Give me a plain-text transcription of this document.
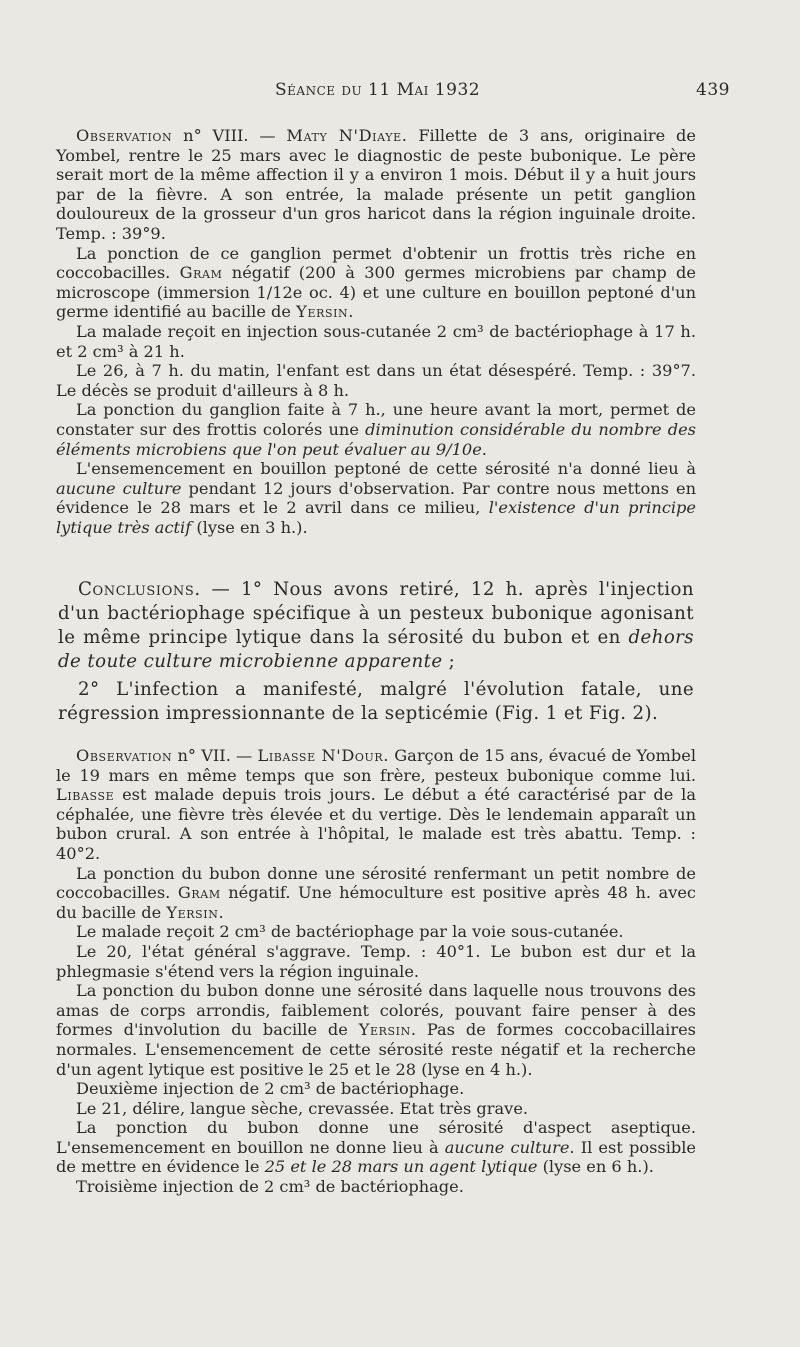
Séance du 11 Mai 1932	439

Observation n° VIII. — Maty N'Diaye. Fillette de 3 ans, originaire de Yombel, rentre le 25 mars avec le diagnostic de peste bubonique. Le père serait mort de la même affection il y a environ 1 mois. Début il y a huit jours par de la fièvre. A son entrée, la malade présente un petit ganglion douloureux de la grosseur d'un gros haricot dans la région inguinale droite. Temp. : 39°9.

La ponction de ce ganglion permet d'obtenir un frottis très riche en coccobacilles. Gram négatif (200 à 300 germes microbiens par champ de microscope (immersion 1/12e oc. 4) et une culture en bouillon peptoné d'un germe identifié au bacille de Yersin.

La malade reçoit en injection sous-cutanée 2 cm³ de bactériophage à 17 h. et 2 cm³ à 21 h.

Le 26, à 7 h. du matin, l'enfant est dans un état désespéré. Temp. : 39°7. Le décès se produit d'ailleurs à 8 h.

La ponction du ganglion faite à 7 h., une heure avant la mort, permet de constater sur des frottis colorés une diminution considérable du nombre des éléments microbiens que l'on peut évaluer au 9/10e.

L'ensemencement en bouillon peptoné de cette sérosité n'a donné lieu à aucune culture pendant 12 jours d'observation. Par contre nous mettons en évidence le 28 mars et le 2 avril dans ce milieu, l'existence d'un principe lytique très actif (lyse en 3 h.).

Conclusions. — 1° Nous avons retiré, 12 h. après l'injection d'un bactériophage spécifique à un pesteux bubonique agonisant le même principe lytique dans la sérosité du bubon et en dehors de toute culture microbienne apparente ;

2° L'infection a manifesté, malgré l'évolution fatale, une régression impressionnante de la septicémie (Fig. 1 et Fig. 2).

Observation n° VII. — Libasse N'Dour. Garçon de 15 ans, évacué de Yombel le 19 mars en même temps que son frère, pesteux bubonique comme lui. Libasse est malade depuis trois jours. Le début a été caractérisé par de la céphalée, une fièvre très élevée et du vertige. Dès le lendemain apparaît un bubon crural. A son entrée à l'hôpital, le malade est très abattu. Temp. : 40°2.

La ponction du bubon donne une sérosité renfermant un petit nombre de coccobacilles. Gram négatif. Une hémoculture est positive après 48 h. avec du bacille de Yersin.

Le malade reçoit 2 cm³ de bactériophage par la voie sous-cutanée.

Le 20, l'état général s'aggrave. Temp. : 40°1. Le bubon est dur et la phlegmasie s'étend vers la région inguinale.

La ponction du bubon donne une sérosité dans laquelle nous trouvons des amas de corps arrondis, faiblement colorés, pouvant faire penser à des formes d'involution du bacille de Yersin. Pas de formes coccobacillaires normales. L'ensemencement de cette sérosité reste négatif et la recherche d'un agent lytique est positive le 25 et le 28 (lyse en 4 h.).

Deuxième injection de 2 cm³ de bactériophage.

Le 21, délire, langue sèche, crevassée. Etat très grave.

La ponction du bubon donne une sérosité d'aspect aseptique. L'ensemencement en bouillon ne donne lieu à aucune culture. Il est possible de mettre en évidence le 25 et le 28 mars un agent lytique (lyse en 6 h.).

Troisième injection de 2 cm³ de bactériophage.
